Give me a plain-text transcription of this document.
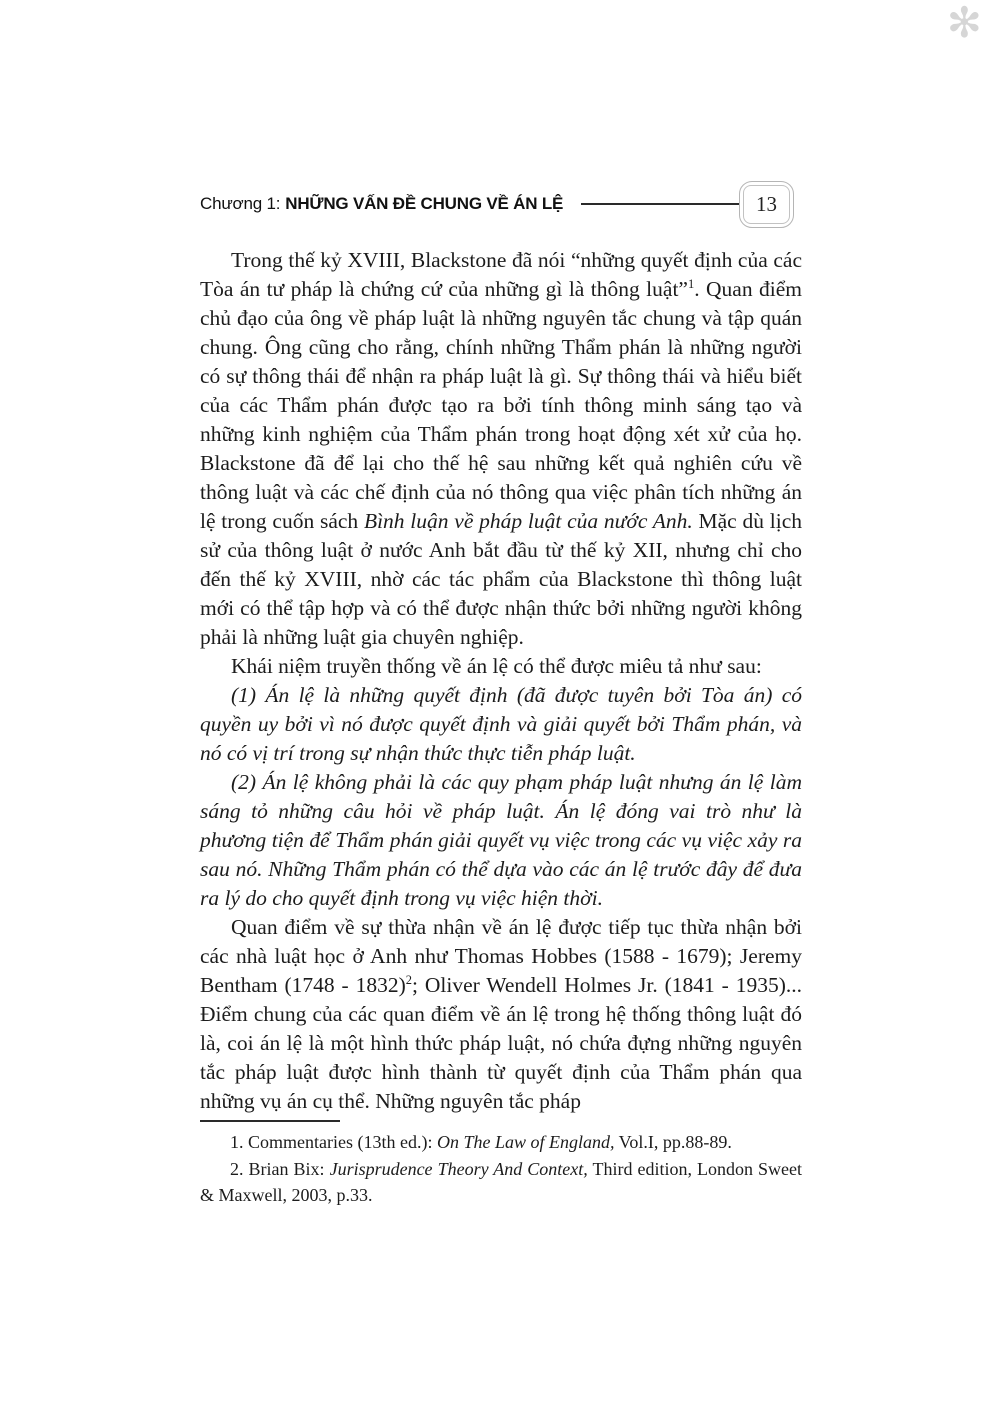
✻
Chương 1: NHỮNG VẤN ĐỀ CHUNG VỀ ÁN LỆ	13

Trong thế kỷ XVIII, Blackstone đã nói “những quyết định của các Tòa án tư pháp là chứng cứ của những gì là thông luật”$^1$. Quan điểm chủ đạo của ông về pháp luật là những nguyên tắc chung và tập quán chung. Ông cũng cho rằng, chính những Thẩm phán là những người có sự thông thái để nhận ra pháp luật là gì. Sự thông thái và hiểu biết của các Thẩm phán được tạo ra bởi tính thông minh sáng tạo và những kinh nghiệm của Thẩm phán trong hoạt động xét xử của họ. Blackstone đã để lại cho thế hệ sau những kết quả nghiên cứu về thông luật và các chế định của nó thông qua việc phân tích những án lệ trong cuốn sách Bình luận về pháp luật của nước Anh. Mặc dù lịch sử của thông luật ở nước Anh bắt đầu từ thế kỷ XII, nhưng chỉ cho đến thế kỷ XVIII, nhờ các tác phẩm của Blackstone thì thông luật mới có thể tập hợp và có thể được nhận thức bởi những người không phải là những luật gia chuyên nghiệp.

Khái niệm truyền thống về án lệ có thể được miêu tả như sau:

(1) Án lệ là những quyết định (đã được tuyên bởi Tòa án) có quyền uy bởi vì nó được quyết định và giải quyết bởi Thẩm phán, và nó có vị trí trong sự nhận thức thực tiễn pháp luật.

(2) Án lệ không phải là các quy phạm pháp luật nhưng án lệ làm sáng tỏ những câu hỏi về pháp luật. Án lệ đóng vai trò như là phương tiện để Thẩm phán giải quyết vụ việc trong các vụ việc xảy ra sau nó. Những Thẩm phán có thể dựa vào các án lệ trước đây để đưa ra lý do cho quyết định trong vụ việc hiện thời.

Quan điểm về sự thừa nhận về án lệ được tiếp tục thừa nhận bởi các nhà luật học ở Anh như Thomas Hobbes (1588 - 1679); Jeremy Bentham (1748 - 1832)$^2$; Oliver Wendell Holmes Jr. (1841 - 1935)... Điểm chung của các quan điểm về án lệ trong hệ thống thông luật đó là, coi án lệ là một hình thức pháp luật, nó chứa đựng những nguyên tắc pháp luật được hình thành từ quyết định của Thẩm phán qua những vụ án cụ thể. Những nguyên tắc pháp

1. Commentaries (13th ed.): On The Law of England, Vol.I, pp.88-89.

2. Brian Bix: Jurisprudence Theory And Context, Third edition, London Sweet & Maxwell, 2003, p.33.
